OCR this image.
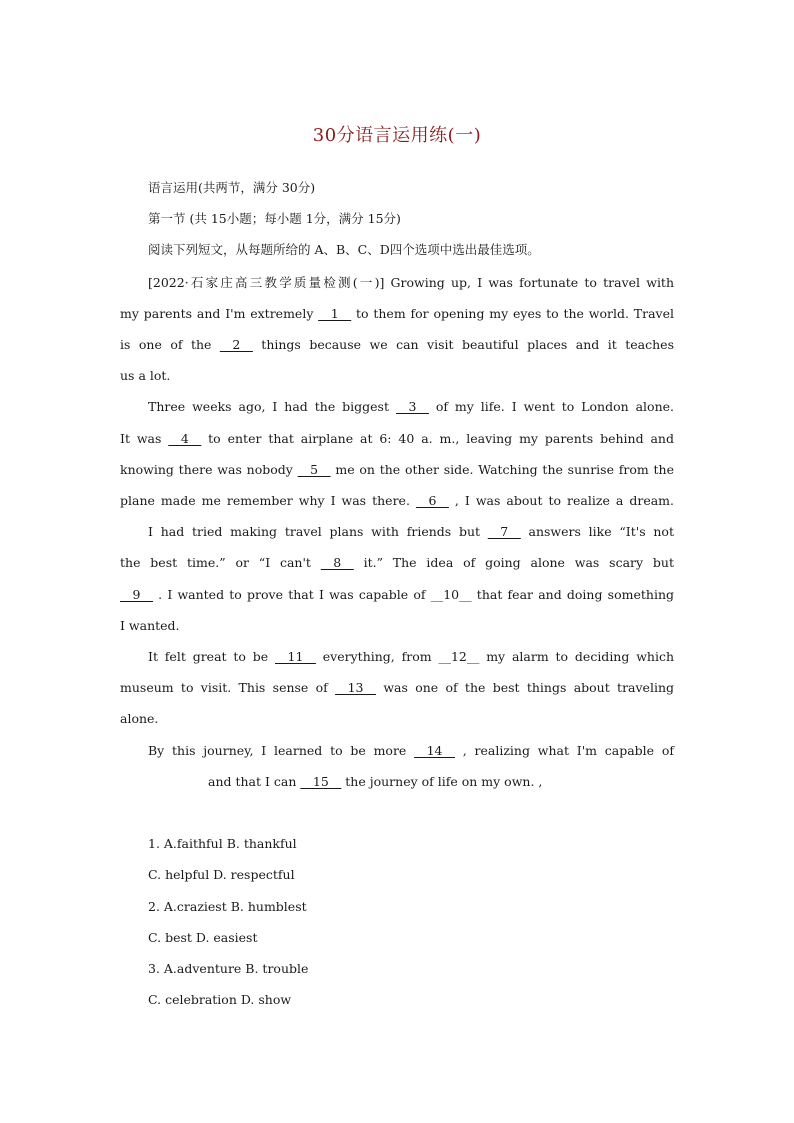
30分语言运用练(一)
语言运用(共两节，满分 30分)
第一节 (共 15小题；每小题 1分，满分 15分)
阅读下列短文，从每题所给的 A、B、C、D四个选项中选出最佳选项。
[2022·石家庄高三教学质量检测(一)] Growing up, I was fortunate to travel with
my parents and I'm extremely __1__ to them for opening my eyes to the world. Travel
is one of the __2__ things because we can visit beautiful places and it teaches
us a lot.
Three weeks ago, I had the biggest __3__ of my life. I went to London alone.
It was __4__ to enter that airplane at 6: 40 a. m., leaving my parents behind and
knowing there was nobody __5__ me on the other side. Watching the sunrise from the
plane made me remember why I was there. __6__ , I was about to realize a dream.
I had tried making travel plans with friends but __7__ answers like “It's not
the best time.” or “I can't __8__ it.” The idea of going alone was scary but
__9__ . I wanted to prove that I was capable of __10__ that fear and doing something
I wanted.
It felt great to be __11__ everything, from __12__ my alarm to deciding which
museum to visit. This sense of __13__ was one of the best things about traveling
alone.
By this journey, I learned to be more __14__ , realizing what I'm capable of
and that I can __15__ the journey of life on my own. ,
1. A.faithful B. thankful
C. helpful D. respectful
2. A.craziest B. humblest
C. best D. easiest
3. A.adventure B. trouble
C. celebration D. show
